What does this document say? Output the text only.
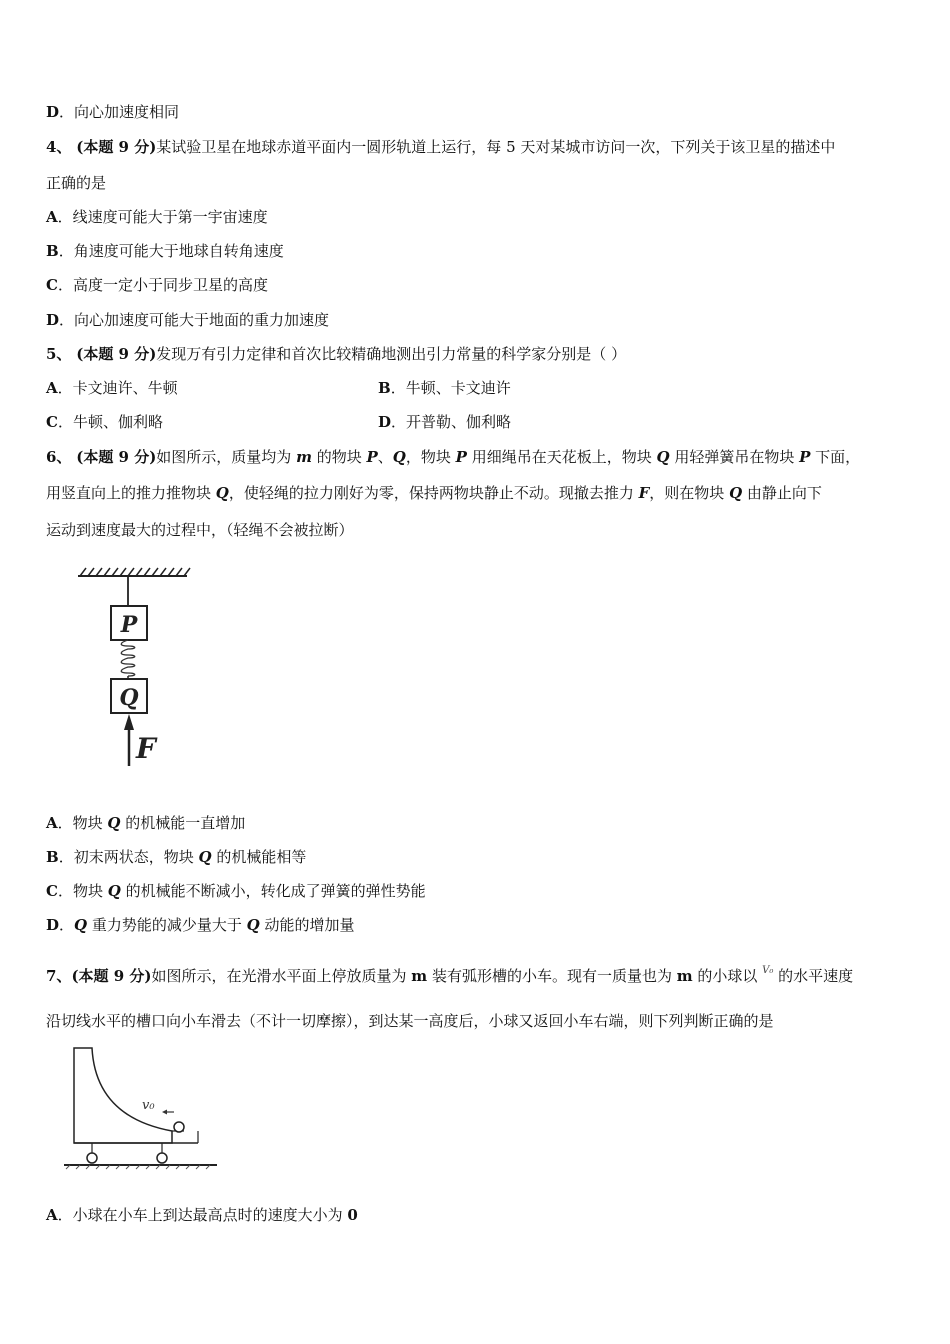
D．向心加速度相同
4、 (本题 9 分)某试验卫星在地球赤道平面内一圆形轨道上运行，每 5 天对某城市访问一次，下列关于该卫星的描述中
正确的是
A．线速度可能大于第一宇宙速度
B．角速度可能大于地球自转角速度
C．高度一定小于同步卫星的高度
D．向心加速度可能大于地面的重力加速度
5、 (本题 9 分)发现万有引力定律和首次比较精确地测出引力常量的科学家分别是（ ）
A．卡文迪许、牛顿	B．牛顿、卡文迪许
C．牛顿、伽利略	D．开普勒、伽利略
6、 (本题 9 分)如图所示，质量均为 m 的物块 P、Q，物块 P 用细绳吊在天花板上，物块 Q 用轻弹簧吊在物块 P 下面，
用竖直向上的推力推物块 Q，使轻绳的拉力刚好为零，保持两物块静止不动。现撤去推力 F，则在物块 Q 由静止向下
运动到速度最大的过程中，（轻绳不会被拉断）
P
Q
F
A．物块 Q 的机械能一直增加
B．初末两状态，物块 Q 的机械能相等
C．物块 Q 的机械能不断减小，转化成了弹簧的弹性势能
D．Q 重力势能的减少量大于 Q 动能的增加量
7、(本题 9 分)如图所示，在光滑水平面上停放质量为 m 装有弧形槽的小车。现有一质量也为 m 的小球以 $^{V_0}$ 的水平速度
沿切线水平的槽口向小车滑去（不计一切摩擦），到达某一高度后，小球又返回小车右端，则下列判断正确的是
v₀
A．小球在小车上到达最高点时的速度大小为 0
